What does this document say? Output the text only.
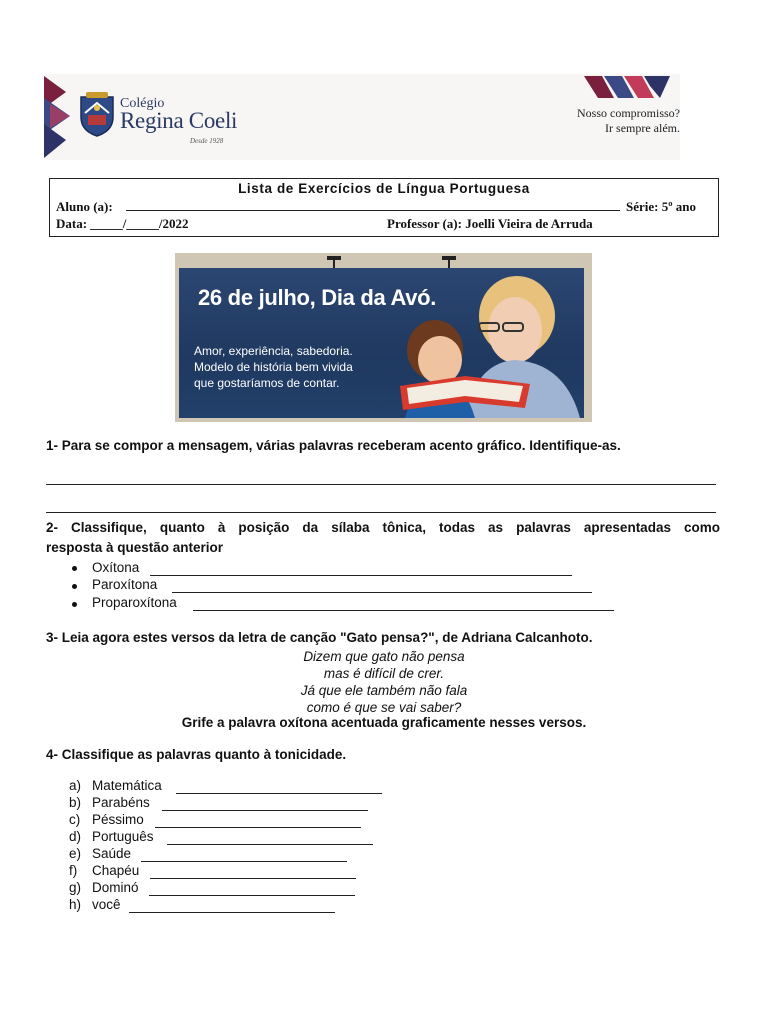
Colégio
Regina Coeli
Desde 1928
Nosso compromisso?
Ir sempre além.
Lista de Exercícios de Língua Portuguesa
Aluno (a):	Série: 5º ano
Data: _____/_____/2022	Professor (a): Joelli Vieira de Arruda
26 de julho, Dia da Avó.
Amor, experiência, sabedoria.
Modelo de história bem vivida
que gostaríamos de contar.
1- Para se compor a mensagem, várias palavras receberam acento gráfico. Identifique-as.
2- Classifique, quanto à posição da sílaba tônica, todas as palavras apresentadas como
resposta à questão anterior
Oxítona
Paroxítona
Proparoxítona
3- Leia agora estes versos da letra de canção "Gato pensa?", de Adriana Calcanhoto.
Dizem que gato não pensa
mas é difícil de crer.
Já que ele também não fala
como é que se vai saber?
Grife a palavra oxítona acentuada graficamente nesses versos.
4- Classifique as palavras quanto à tonicidade.
a) Matemática
b) Parabéns
c) Péssimo
d) Português
e) Saúde
f) Chapéu
g) Dominó
h) você
